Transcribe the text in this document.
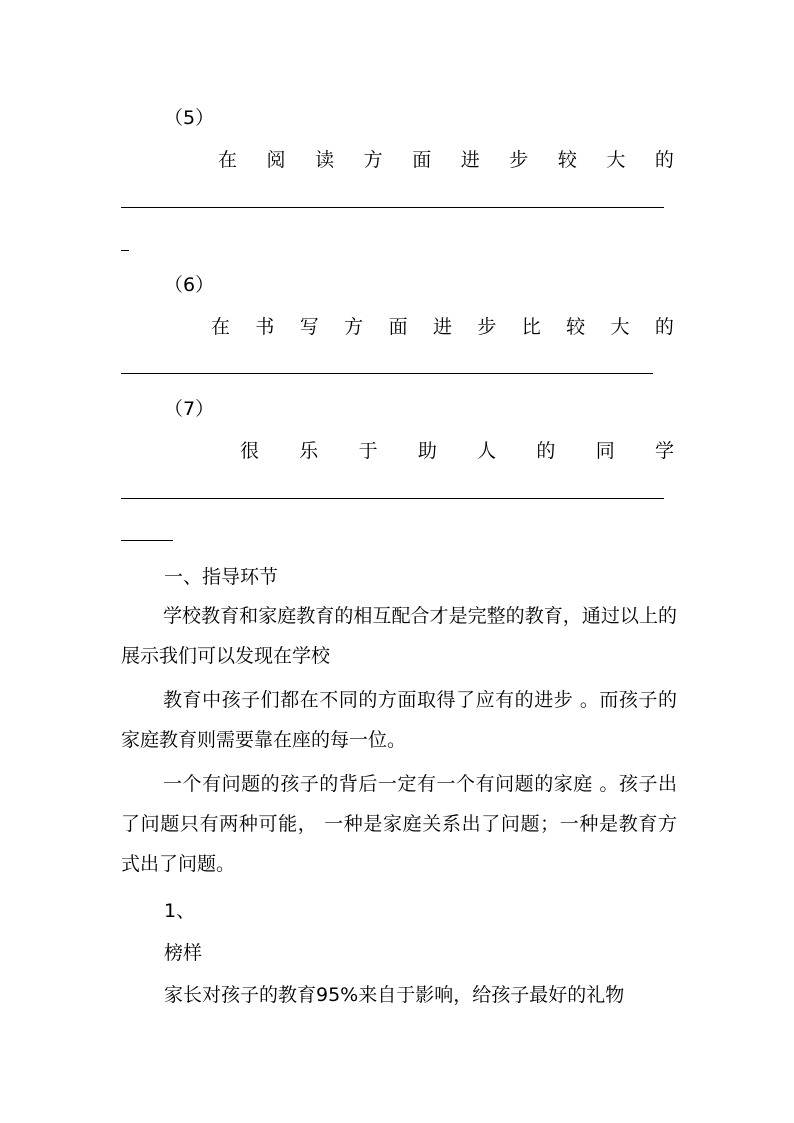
（5）
在 阅 读 方 面 进 步 较 大 的
（6）
在 书 写 方 面 进 步 比 较 大 的
（7）
很 乐 于 助 人 的 同 学
一、指导环节
学校教育和家庭教育的相互配合才是完整的教育，通过以上的展示我们可以发现在学校
教育中孩子们都在不同的方面取得了应有的进步 。而孩子的家庭教育则需要靠在座的每一位。
一个有问题的孩子的背后一定有一个有问题的家庭 。孩子出了问题只有两种可能， 一种是家庭关系出了问题；一种是教育方式出了问题。
1、
榜样
家长对孩子的教育95%来自于影响，给孩子最好的礼物
